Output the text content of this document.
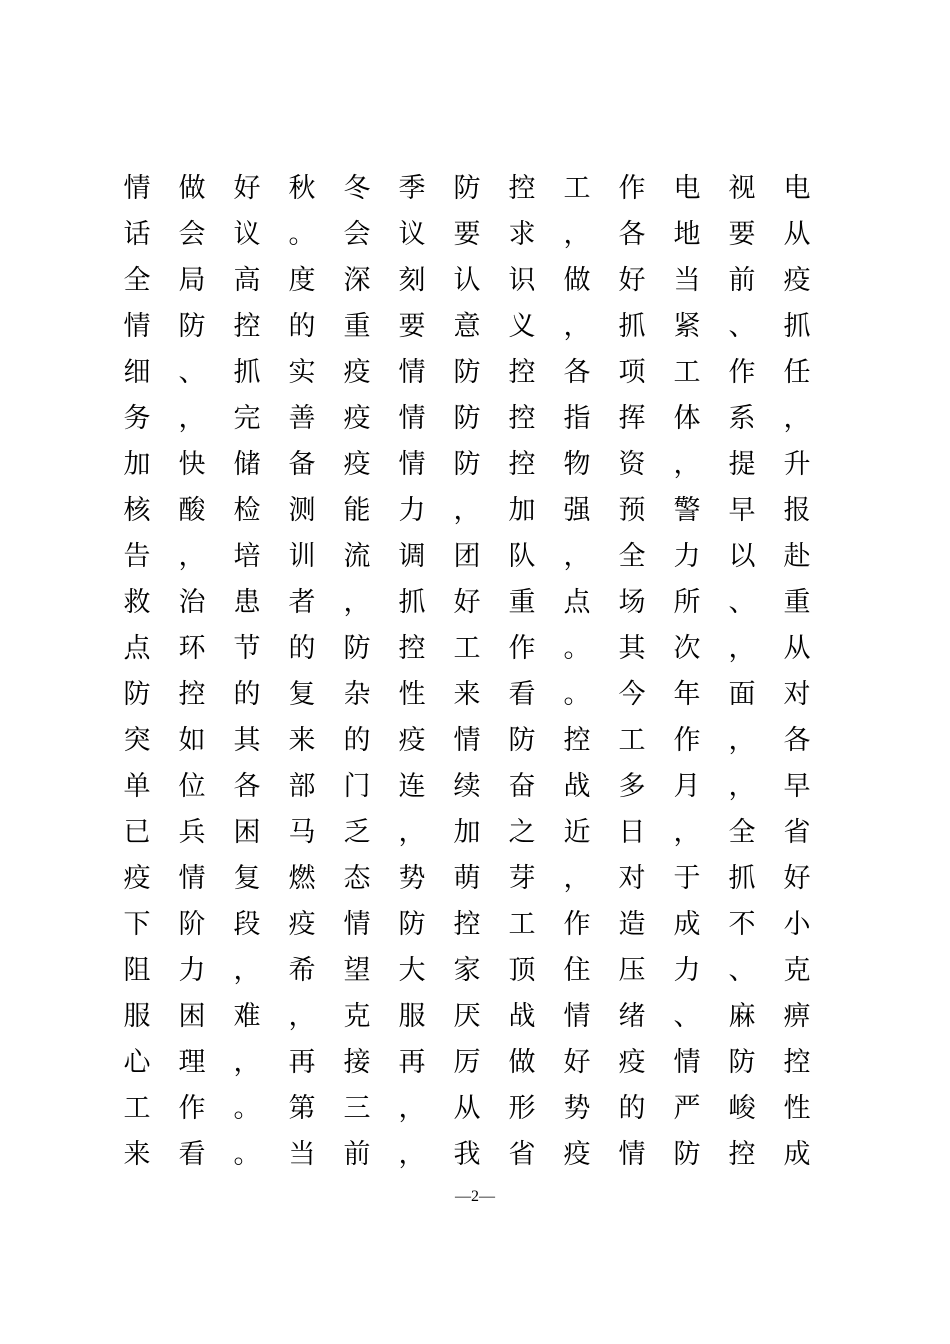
情 做 好 秋 冬 季 防 控 工 作 电 视 电
话 会 议 。 会 议 要 求 ， 各 地 要 从
全 局 高 度 深 刻 认 识 做 好 当 前 疫
情 防 控 的 重 要 意 义 ， 抓 紧 、 抓
细 、 抓 实 疫 情 防 控 各 项 工 作 任
务 ， 完 善 疫 情 防 控 指 挥 体 系 ，
加 快 储 备 疫 情 防 控 物 资 ， 提 升
核 酸 检 测 能 力 ， 加 强 预 警 早 报
告 ， 培 训 流 调 团 队 ， 全 力 以 赴
救 治 患 者 ， 抓 好 重 点 场 所 、 重
点 环 节 的 防 控 工 作 。 其 次 ， 从
防 控 的 复 杂 性 来 看 。 今 年 面 对
突 如 其 来 的 疫 情 防 控 工 作 ， 各
单 位 各 部 门 连 续 奋 战 多 月 ， 早
已 兵 困 马 乏 ， 加 之 近 日 ， 全 省
疫 情 复 燃 态 势 萌 芽 ， 对 于 抓 好
下 阶 段 疫 情 防 控 工 作 造 成 不 小
阻 力 ， 希 望 大 家 顶 住 压 力 、 克
服 困 难 ， 克 服 厌 战 情 绪 、 麻 痹
心 理 ， 再 接 再 厉 做 好 疫 情 防 控
工 作 。 第 三 ， 从 形 势 的 严 峻 性
来 看 。 当 前 ， 我 省 疫 情 防 控 成
—2—
